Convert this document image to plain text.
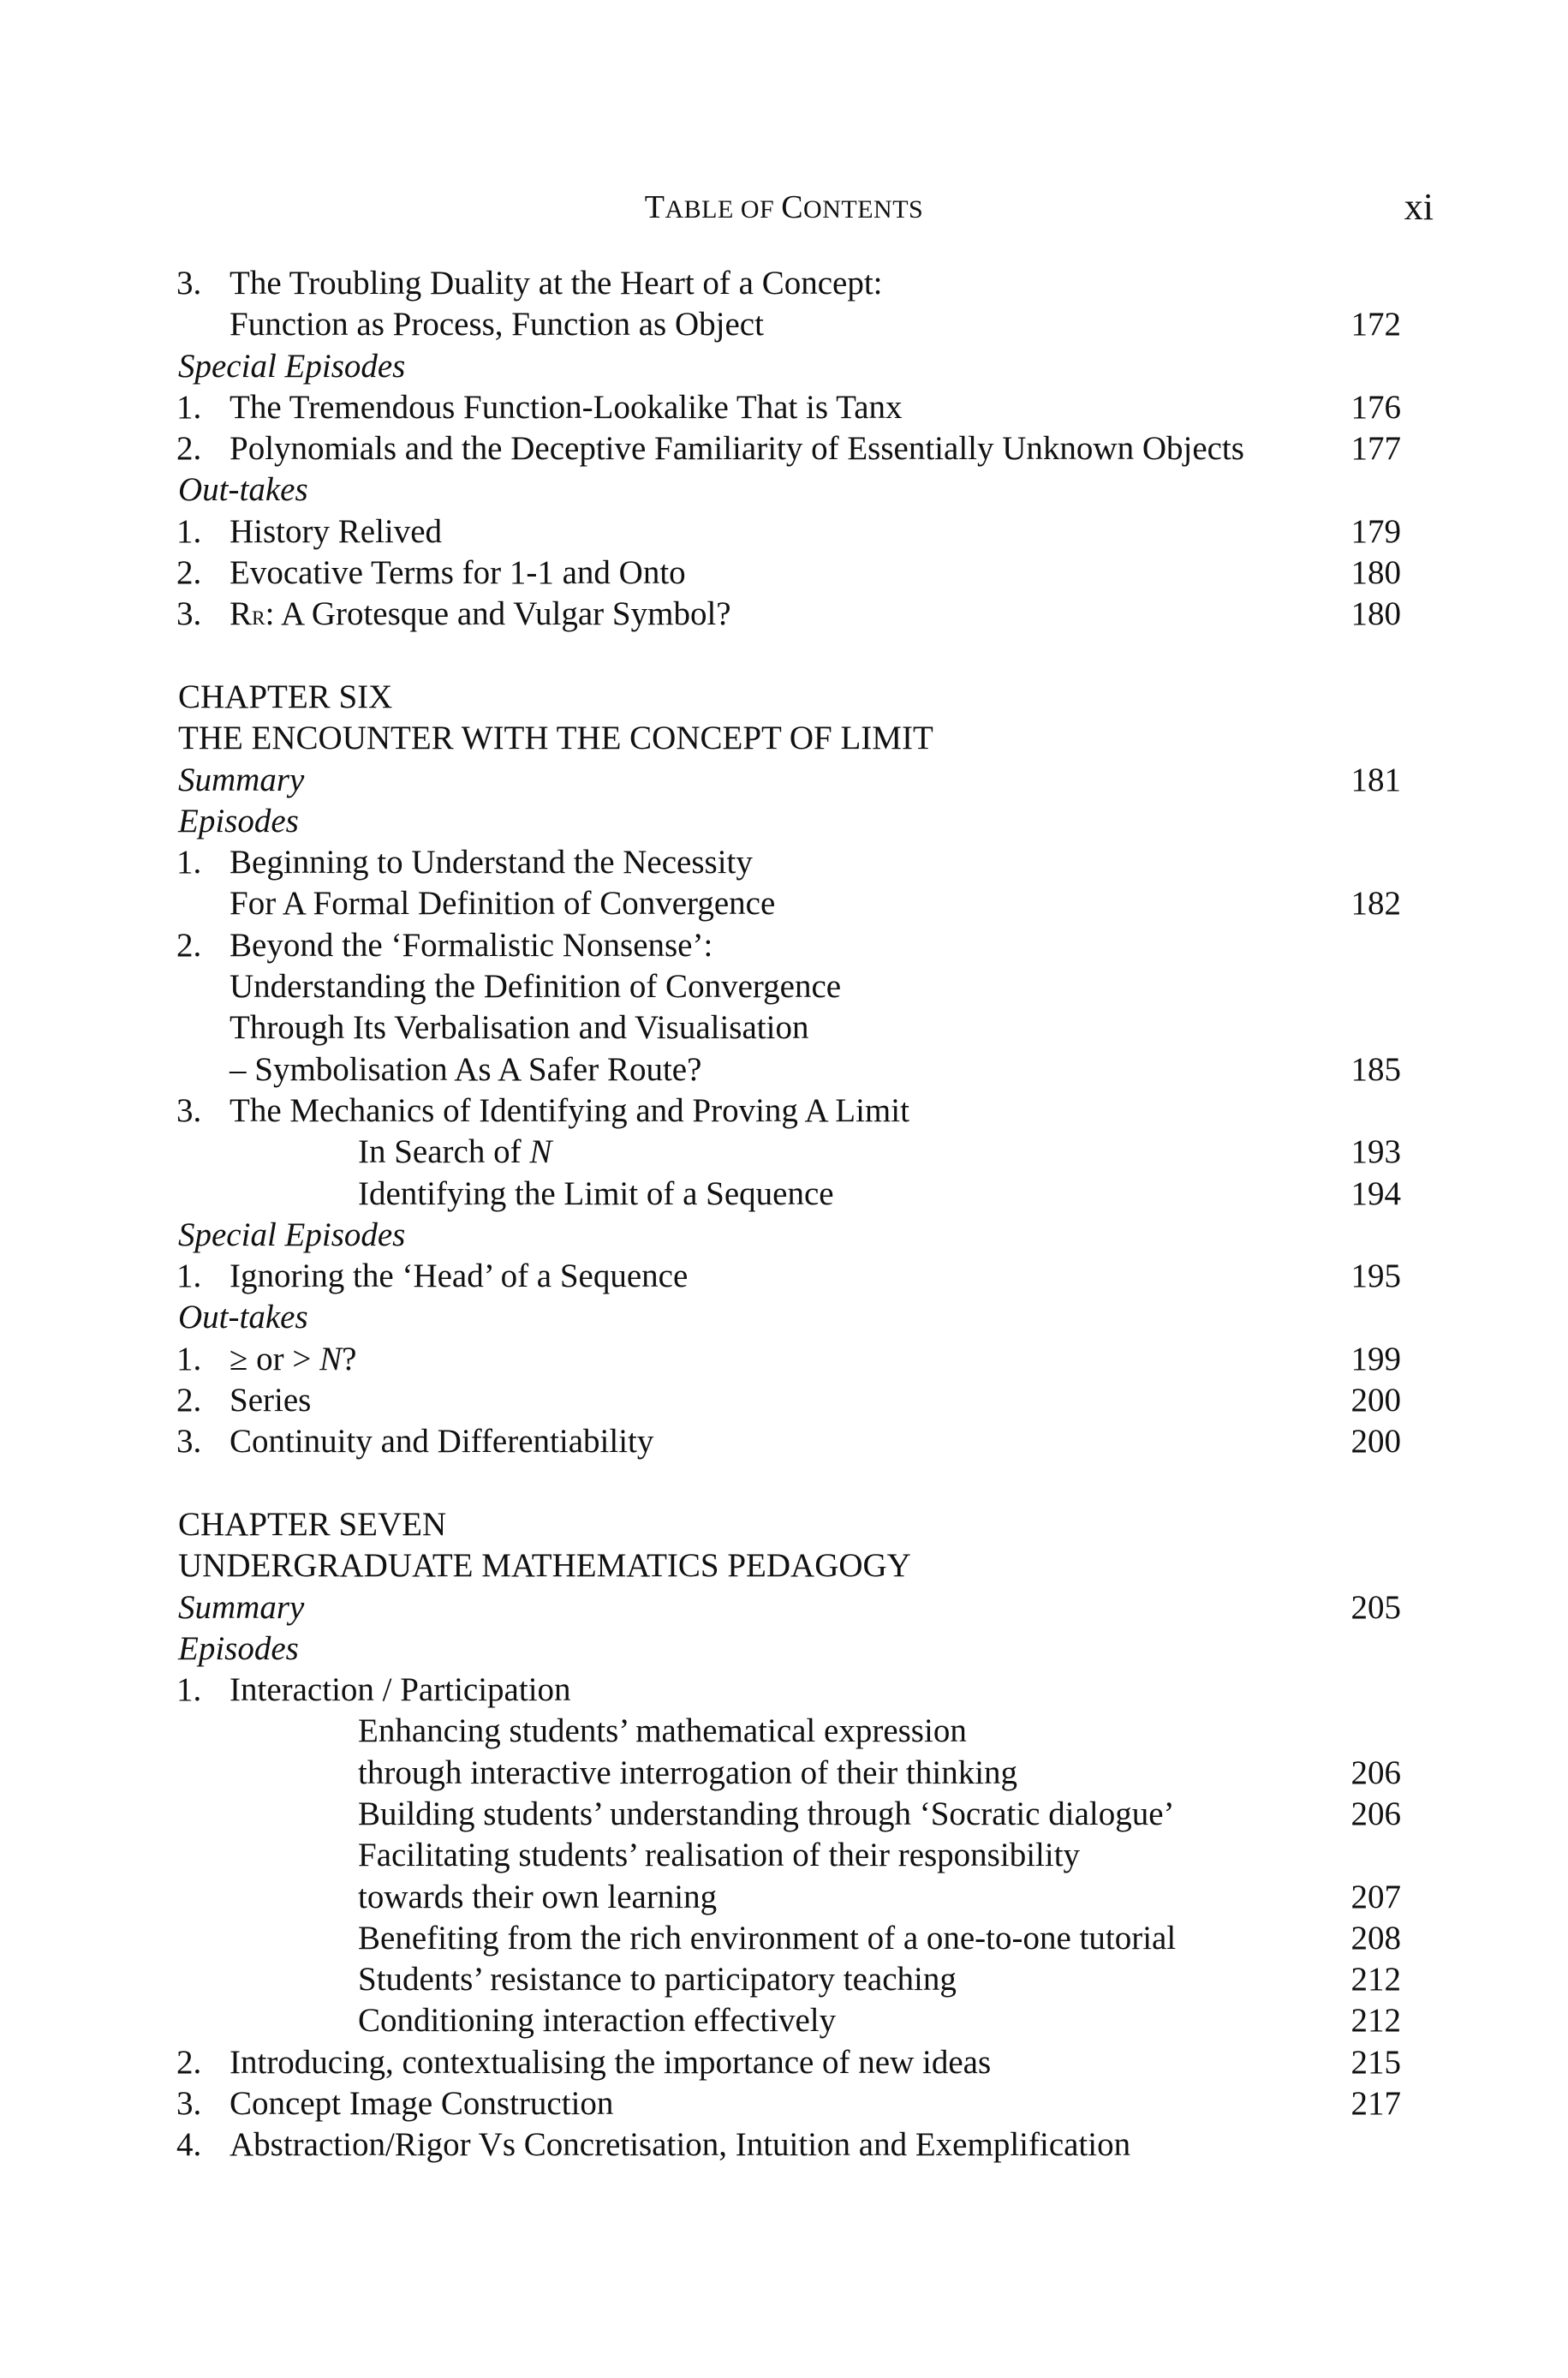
TABLE OF CONTENTS	xi
3. The Troubling Duality at the Heart of a Concept:
Function as Process, Function as Object	172
Special Episodes
1. The Tremendous Function-Lookalike That is Tanx	176
2. Polynomials and the Deceptive Familiarity of Essentially Unknown Objects	177
Out-takes
1. History Relived	179
2. Evocative Terms for 1-1 and Onto	180
3. $R^R$: A Grotesque and Vulgar Symbol?	180
CHAPTER SIX
THE ENCOUNTER WITH THE CONCEPT OF LIMIT
Summary	181
Episodes
1. Beginning to Understand the Necessity
For A Formal Definition of Convergence	182
2. Beyond the ‘Formalistic Nonsense’:
Understanding the Definition of Convergence
Through Its Verbalisation and Visualisation
– Symbolisation As A Safer Route?	185
3. The Mechanics of Identifying and Proving A Limit
In Search of N	193
Identifying the Limit of a Sequence	194
Special Episodes
1. Ignoring the ‘Head’ of a Sequence	195
Out-takes
1. ≥ or > N?	199
2. Series	200
3. Continuity and Differentiability	200
CHAPTER SEVEN
UNDERGRADUATE MATHEMATICS PEDAGOGY
Summary	205
Episodes
1. Interaction / Participation
Enhancing students’ mathematical expression
through interactive interrogation of their thinking	206
Building students’ understanding through ‘Socratic dialogue’	206
Facilitating students’ realisation of their responsibility
towards their own learning	207
Benefiting from the rich environment of a one-to-one tutorial	208
Students’ resistance to participatory teaching	212
Conditioning interaction effectively	212
2. Introducing, contextualising the importance of new ideas	215
3. Concept Image Construction	217
4. Abstraction/Rigor Vs Concretisation, Intuition and Exemplification
